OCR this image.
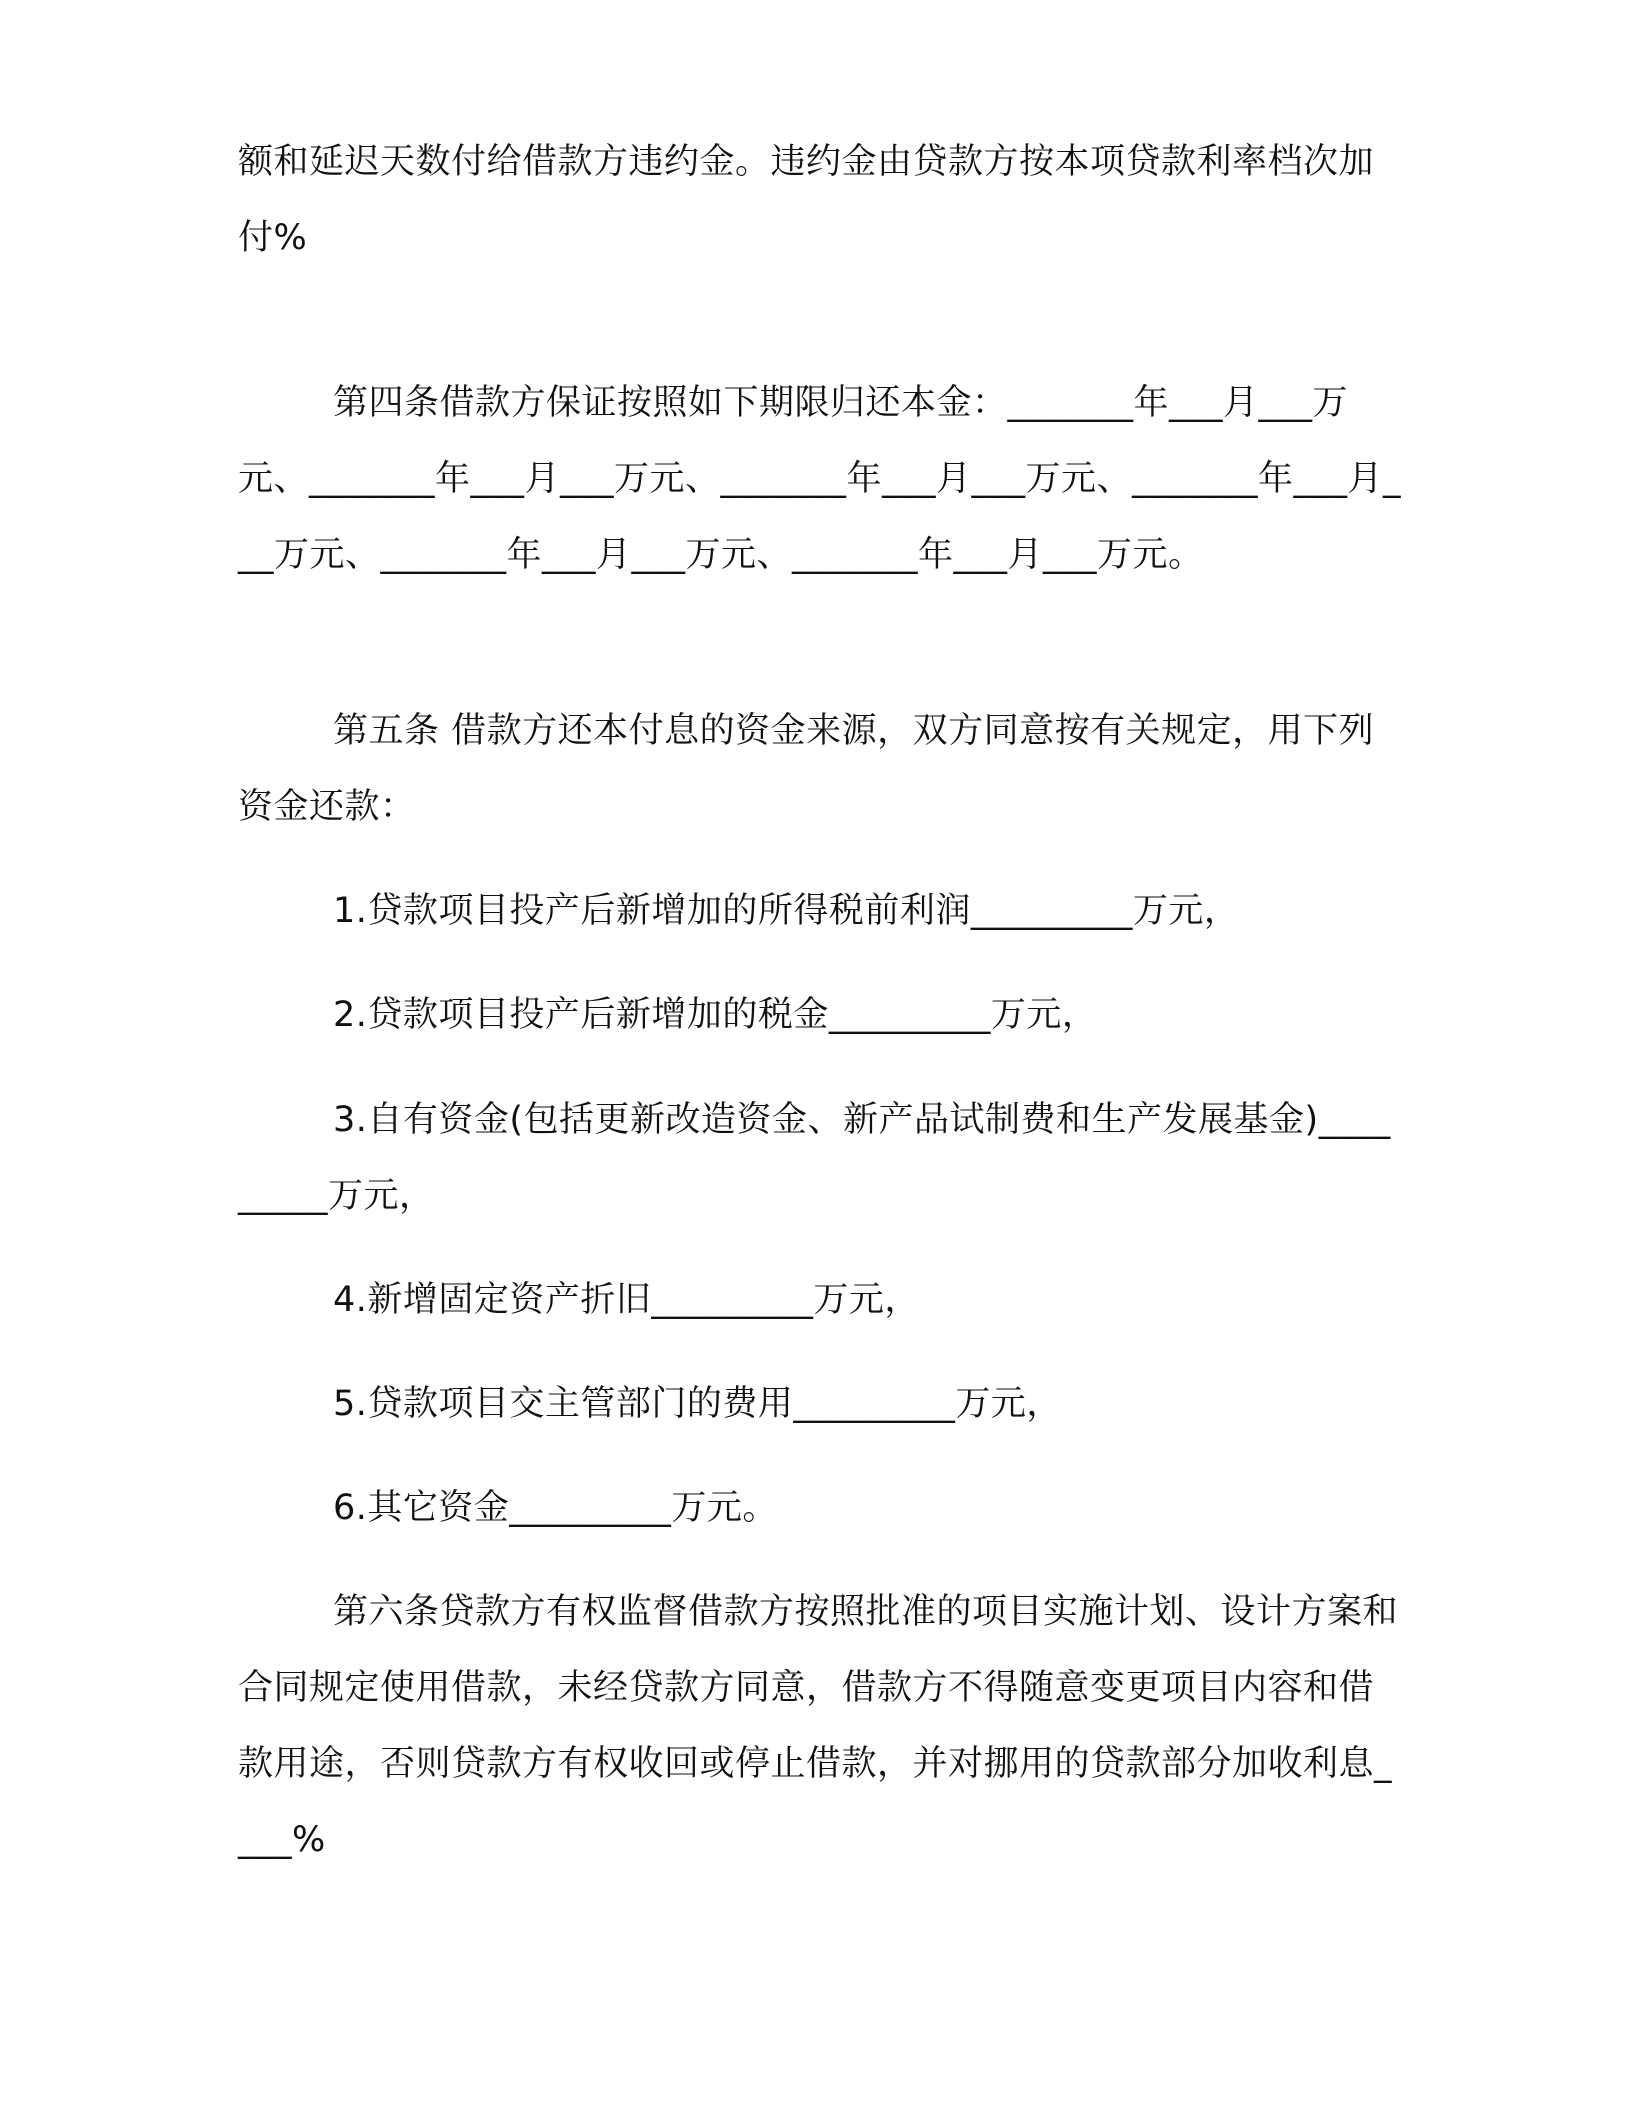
额和延迟天数付给借款方违约金。违约金由贷款方按本项贷款利率档次加付%

第四条借款方保证按照如下期限归还本金：_______年___月___万元、_______年___月___万元、_______年___月___万元、_______年___月___万元、_______年___月___万元、_______年___月___万元。

第五条 借款方还本付息的资金来源，双方同意按有关规定，用下列资金还款：

1.贷款项目投产后新增加的所得税前利润_________万元，

2.贷款项目投产后新增加的税金_________万元，

3.自有资金(包括更新改造资金、新产品试制费和生产发展基金)_________万元，

4.新增固定资产折旧_________万元，

5.贷款项目交主管部门的费用_________万元，

6.其它资金_________万元。

第六条贷款方有权监督借款方按照批准的项目实施计划、设计方案和合同规定使用借款，未经贷款方同意，借款方不得随意变更项目内容和借款用途，否则贷款方有权收回或停止借款，并对挪用的贷款部分加收利息____%
